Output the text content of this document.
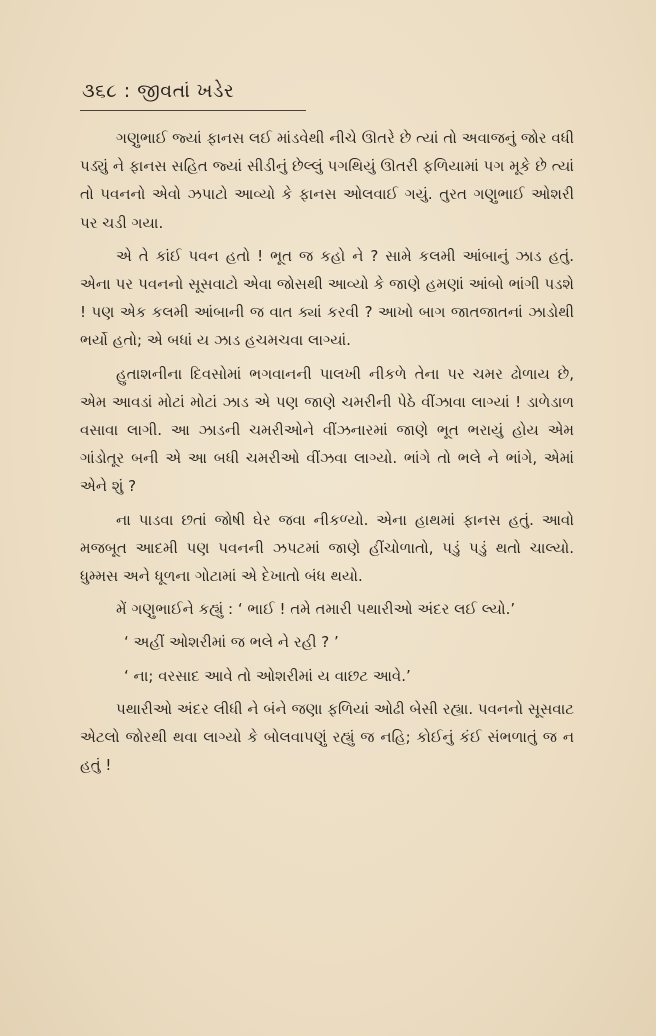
૩૬૮ : જીવતાં ખડેર

ગણુભાઈ જ્યાં ફાનસ લઈ માંડવેથી નીચે ઊતરે છે ત્યાં તો અવાજનું જોર વધી પડ્યું ને ફાનસ સહિત જ્યાં સીડીનું છેલ્લું પગથિયું ઊતરી ફળિયામાં પગ મૂકે છે ત્યાં તો પવનનો એવો ઝપાટો આવ્યો કે ફાનસ ઓલવાઈ ગયું. તુરત ગણુભાઈ ઓશરી પર ચડી ગયા.

એ તે કાંઈ પવન હતો ! ભૂત જ કહો ને ? સામે કલમી આંબાનું ઝાડ હતું. એના પર પવનનો સૂસવાટો એવા જોસથી આવ્યો કે જાણે હમણાં આંબો ભાંગી પડશે ! પણ એક કલમી આંબાની જ વાત ક્યાં કરવી ? આખો બાગ જાતજાતનાં ઝાડોથી ભર્યો હતો; એ બધાં ય ઝાડ હચમચવા લાગ્યાં.

હુતાશનીના દિવસોમાં ભગવાનની પાલખી નીકળે તેના પર ચમર ઢોળાય છે, એમ આવડાં મોટાં મોટાં ઝાડ એ પણ જાણે ચમરીની પેઠે વીંઝાવા લાગ્યાં ! ડાળેડાળ વસાવા લાગી. આ ઝાડની ચમરીઓને વીંઝનારમાં જાણે ભૂત ભરાયું હોય એમ ગાંડોતૂર બની એ આ બધી ચમરીઓ વીંઝવા લાગ્યો. ભાંગે તો ભલે ને ભાંગે, એમાં એને શું ?

ના પાડવા છતાં જોષી ઘેર જવા નીકળ્યો. એના હાથમાં ફાનસ હતું. આવો મજબૂત આદમી પણ પવનની ઝપટમાં જાણે હીંચોળાતો, પડું પડું થતો ચાલ્યો. ધુમ્મસ અને ધૂળના ગોટામાં એ દેખાતો બંધ થયો.

મેં ગણુભાઈને કહ્યું : ‘ ભાઈ ! તમે તમારી પથારીઓ અંદર લઈ લ્યો.’

‘ અહીં ઓશરીમાં જ ભલે ને રહી ? ’

‘ ના; વરસાદ આવે તો ઓશરીમાં ય વાછટ આવે.’

પથારીઓ અંદર લીધી ને બંને જણા ફળિયાં ઓઢી બેસી રહ્યા. પવનનો સૂસવાટ એટલો જોરથી થવા લાગ્યો કે બોલવાપણું રહ્યું જ નહિ; કોઈનું કંઈ સંભળાતું જ ન હતું !
